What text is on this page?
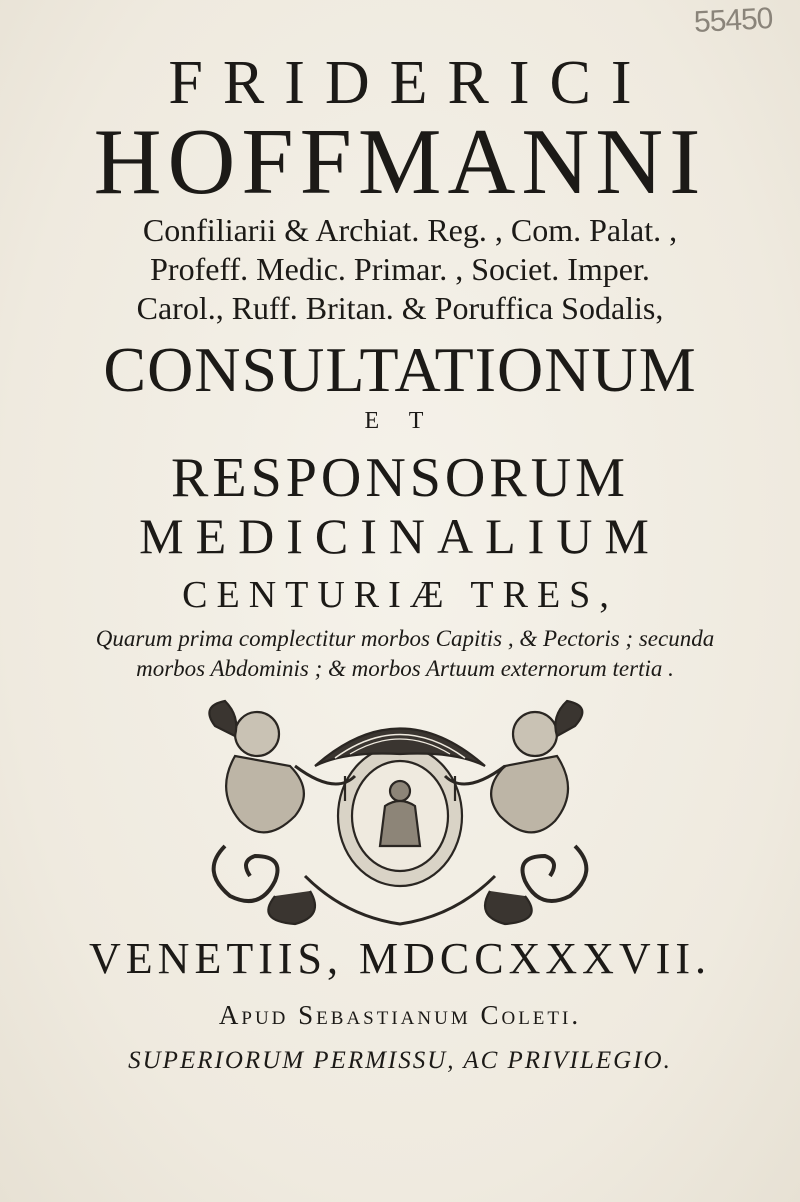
55450
FRIDERICI
HOFFMANNI
Confiliarii & Archiat. Reg. , Com. Palat. ,
Profeff. Medic. Primar. , Societ. Imper.
Carol., Ruff. Britan. & Poruffica Sodalis,
CONSULTATIONUM
E T
RESPONSORUM
MEDICINALIUM
CENTURIÆ TRES,
Quarum prima complectitur morbos Capitis , & Pectoris ; secunda
morbos Abdominis ; & morbos Artuum externorum tertia .
VENETIIS, MDCCXXXVII.
Apud Sebastianum Coleti.
SUPERIORUM PERMISSU, AC PRIVILEGIO.
